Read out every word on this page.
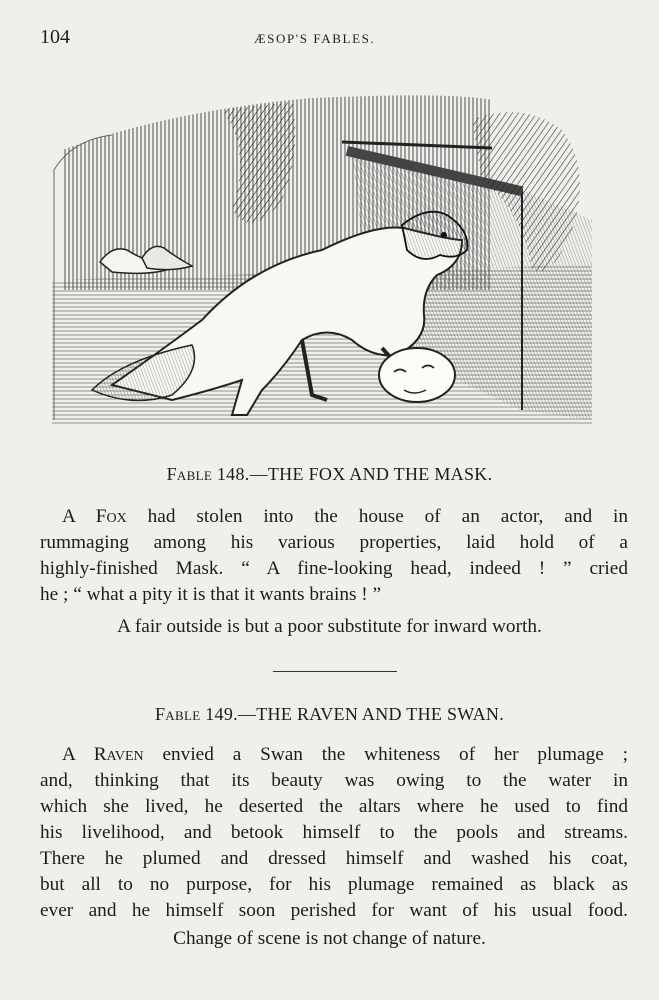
104	ÆSOP'S FABLES.
Fable 148.—THE FOX AND THE MASK.
A Fox had stolen into the house of an actor, and in
rummaging among his various properties, laid hold of a
highly-finished Mask. “ A fine-looking head, indeed ! ” cried
he ; “ what a pity it is that it wants brains ! ”
A fair outside is but a poor substitute for inward worth.
Fable 149.—THE RAVEN AND THE SWAN.
A Raven envied a Swan the whiteness of her plumage ;
and, thinking that its beauty was owing to the water in
which she lived, he deserted the altars where he used to find
his livelihood, and betook himself to the pools and streams.
There he plumed and dressed himself and washed his coat,
but all to no purpose, for his plumage remained as black as
ever and he himself soon perished for want of his usual food.
Change of scene is not change of nature.
